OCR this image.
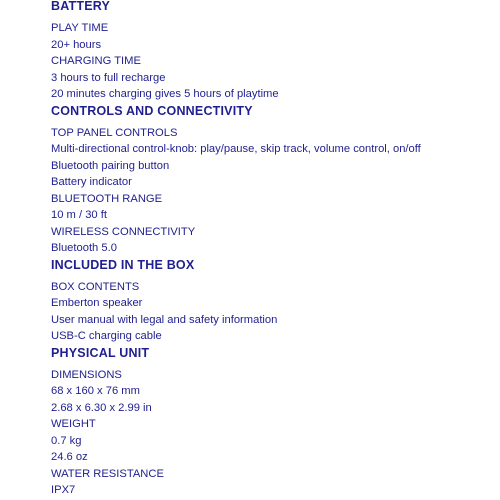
BATTERY
PLAY TIME
20+ hours
CHARGING TIME
3 hours to full recharge
20 minutes charging gives 5 hours of playtime
CONTROLS AND CONNECTIVITY
TOP PANEL CONTROLS
Multi-directional control-knob: play/pause, skip track, volume control, on/off
Bluetooth pairing button
Battery indicator
BLUETOOTH RANGE
10 m / 30 ft
WIRELESS CONNECTIVITY
Bluetooth 5.0
INCLUDED IN THE BOX
BOX CONTENTS
Emberton speaker
User manual with legal and safety information
USB-C charging cable
PHYSICAL UNIT
DIMENSIONS
68 x 160 x 76 mm
2.68 x 6.30 x 2.99 in
WEIGHT
0.7 kg
24.6 oz
WATER RESISTANCE
IPX7
